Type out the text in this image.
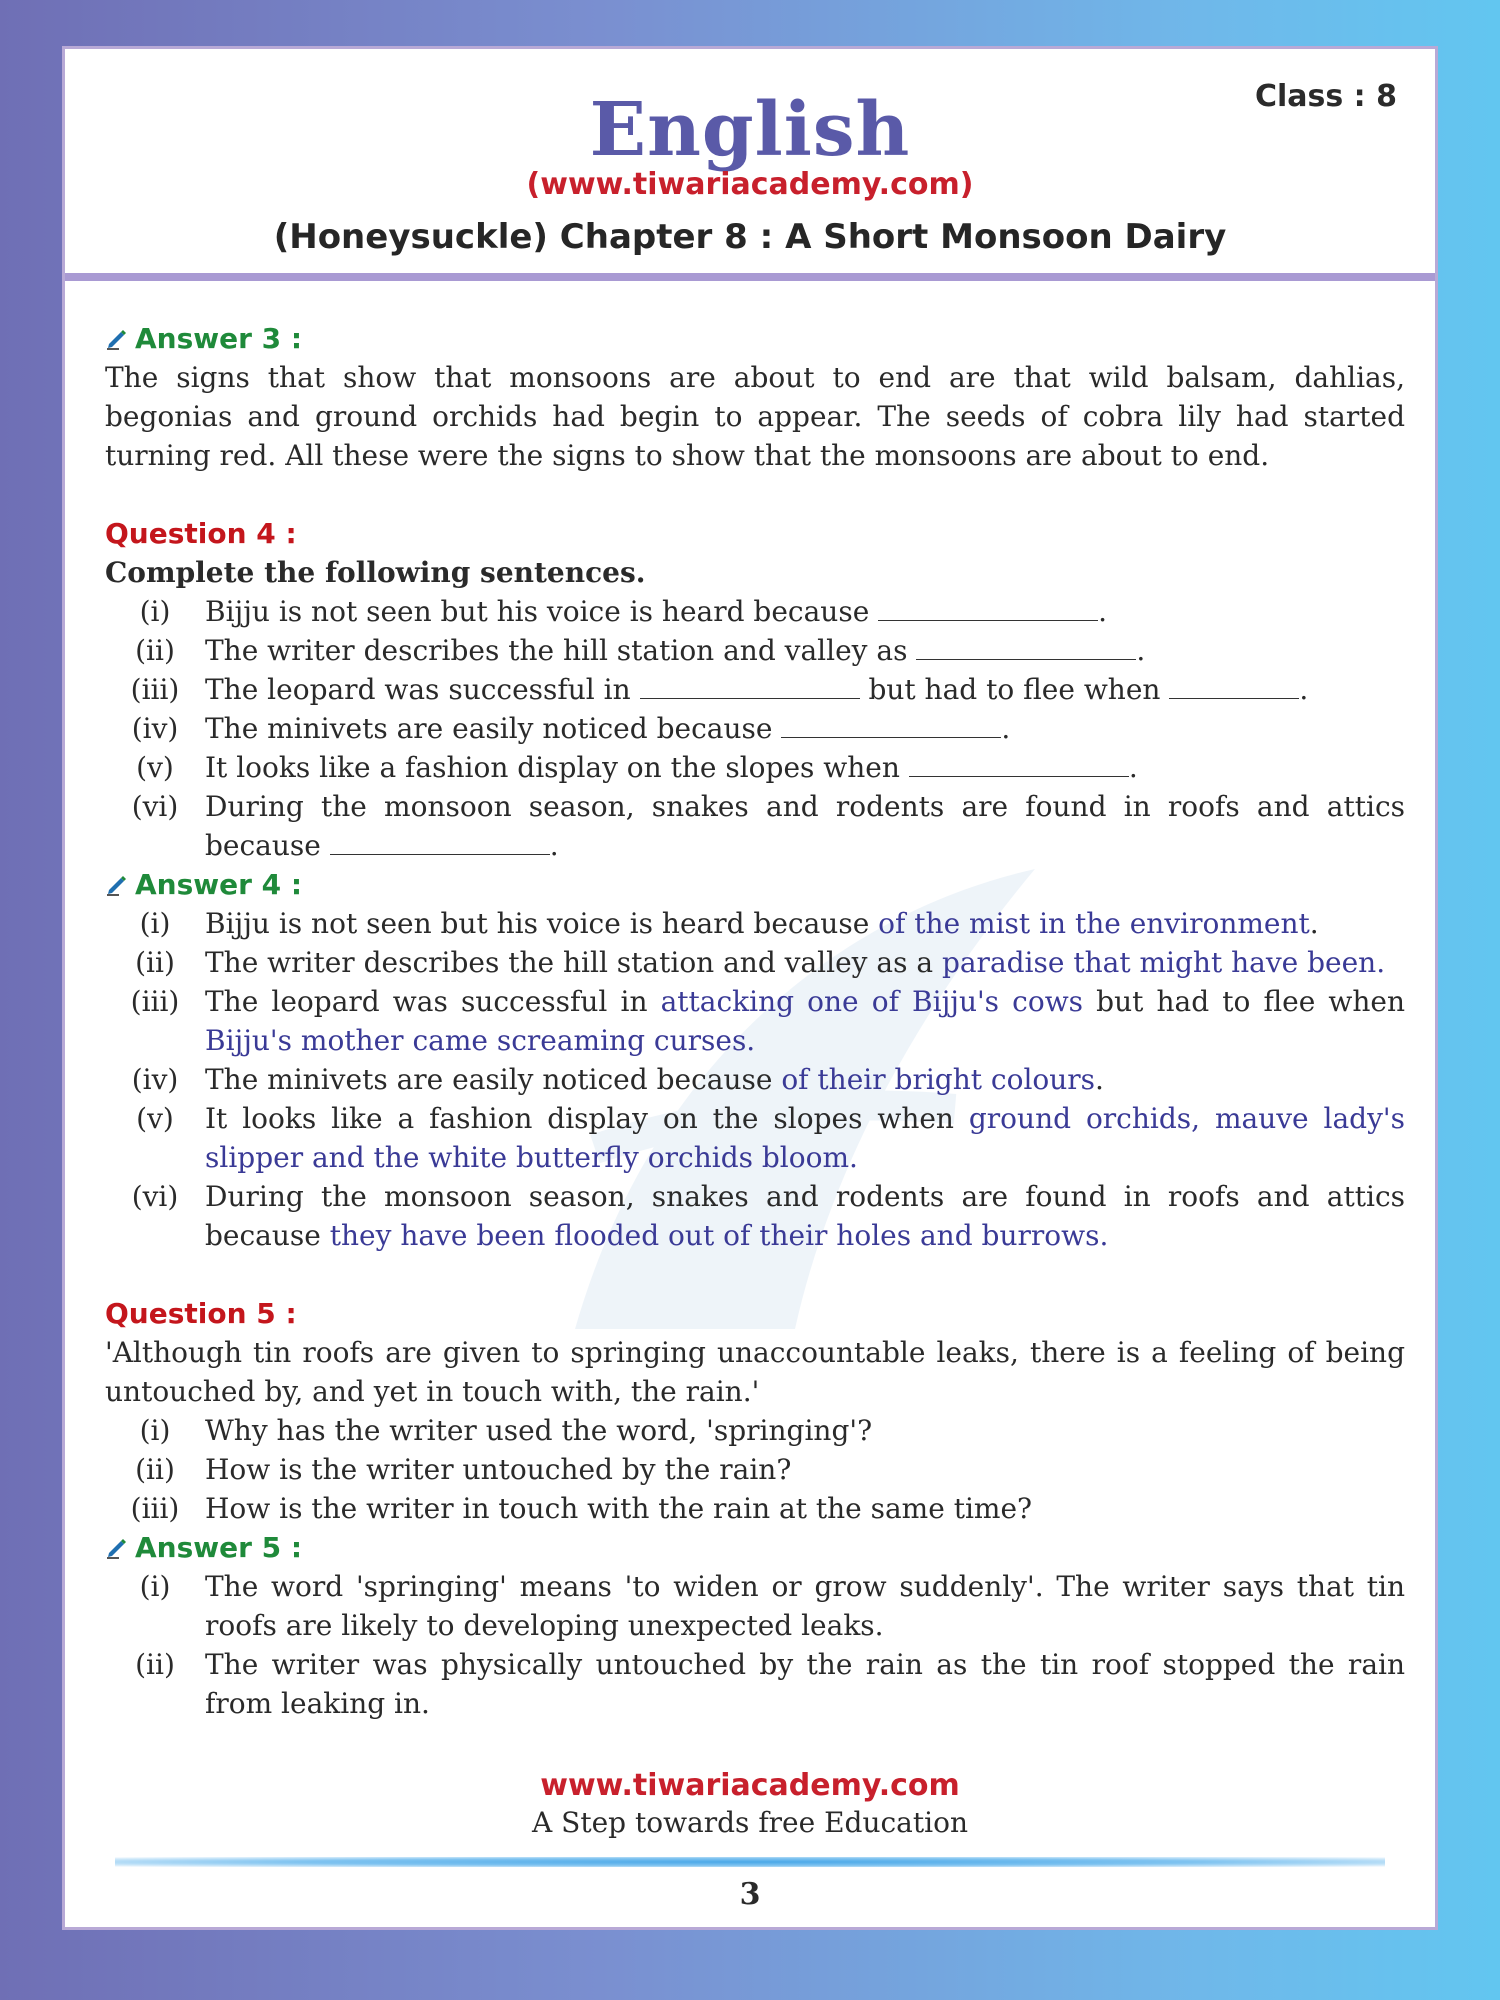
English	Class : 8
(www.tiwariacademy.com)
(Honeysuckle) Chapter 8 : A Short Monsoon Dairy
Answer 3 :
The signs that show that monsoons are about to end are that wild balsam, dahlias, begonias and ground orchids had begin to appear. The seeds of cobra lily had started turning red. All these were the signs to show that the monsoons are about to end.
Question 4 :
Complete the following sentences.
(i)	Bijju is not seen but his voice is heard because	.
(ii)	The writer describes the hill station and valley as	.
(iii) The leopard was successful in	but had to flee when	.
(iv) The minivets are easily noticed because	.
(v)	It looks like a fashion display on the slopes when	.
(vi) During the monsoon season, snakes and rodents are found in roofs and attics because	.
Answer 4 :
(i)	Bijju is not seen but his voice is heard because of the mist in the environment.
(ii)	The writer describes the hill station and valley as a paradise that might have been.
(iii) The leopard was successful in attacking one of Bijju's cows but had to flee when Bijju's mother came screaming curses.
(iv) The minivets are easily noticed because of their bright colours.
(v)	It looks like a fashion display on the slopes when ground orchids, mauve lady's slipper and the white butterfly orchids bloom.
(vi) During the monsoon season, snakes and rodents are found in roofs and attics because they have been flooded out of their holes and burrows.
Question 5 :
'Although tin roofs are given to springing unaccountable leaks, there is a feeling of being untouched by, and yet in touch with, the rain.'
(i)	Why has the writer used the word, 'springing'?
(ii)	How is the writer untouched by the rain?
(iii) How is the writer in touch with the rain at the same time?
Answer 5 :
(i)	The word 'springing' means 'to widen or grow suddenly'. The writer says that tin roofs are likely to developing unexpected leaks.
(ii)	The writer was physically untouched by the rain as the tin roof stopped the rain from leaking in.
www.tiwariacademy.com
A Step towards free Education
3
